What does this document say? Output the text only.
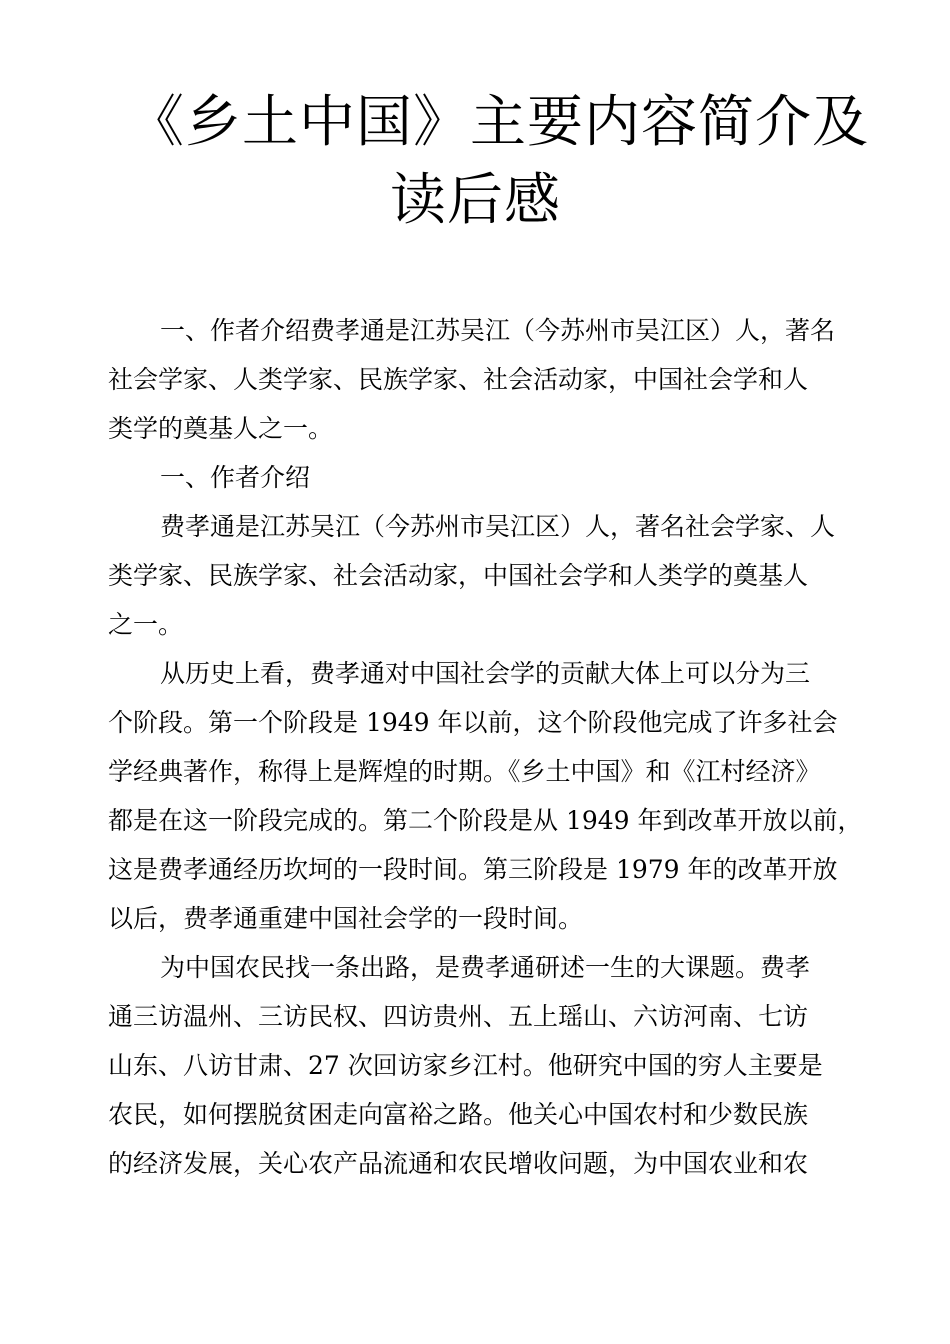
《乡土中国》主要内容简介及
读后感

一、作者介绍费孝通是江苏吴江（今苏州市吴江区）人，著名
社会学家、人类学家、民族学家、社会活动家，中国社会学和人
类学的奠基人之一。

一、作者介绍

费孝通是江苏吴江（今苏州市吴江区）人，著名社会学家、人
类学家、民族学家、社会活动家，中国社会学和人类学的奠基人
之一。

从历史上看，费孝通对中国社会学的贡献大体上可以分为三
个阶段。第一个阶段是 1949 年以前，这个阶段他完成了许多社会
学经典著作，称得上是辉煌的时期。《乡土中国》和《江村经济》
都是在这一阶段完成的。第二个阶段是从 1949 年到改革开放以前，
这是费孝通经历坎坷的一段时间。第三阶段是 1979 年的改革开放
以后，费孝通重建中国社会学的一段时间。

为中国农民找一条出路，是费孝通研述一生的大课题。费孝
通三访温州、三访民权、四访贵州、五上瑶山、六访河南、七访
山东、八访甘肃、27 次回访家乡江村。他研究中国的穷人主要是
农民，如何摆脱贫困走向富裕之路。他关心中国农村和少数民族
的经济发展，关心农产品流通和农民增收问题，为中国农业和农
